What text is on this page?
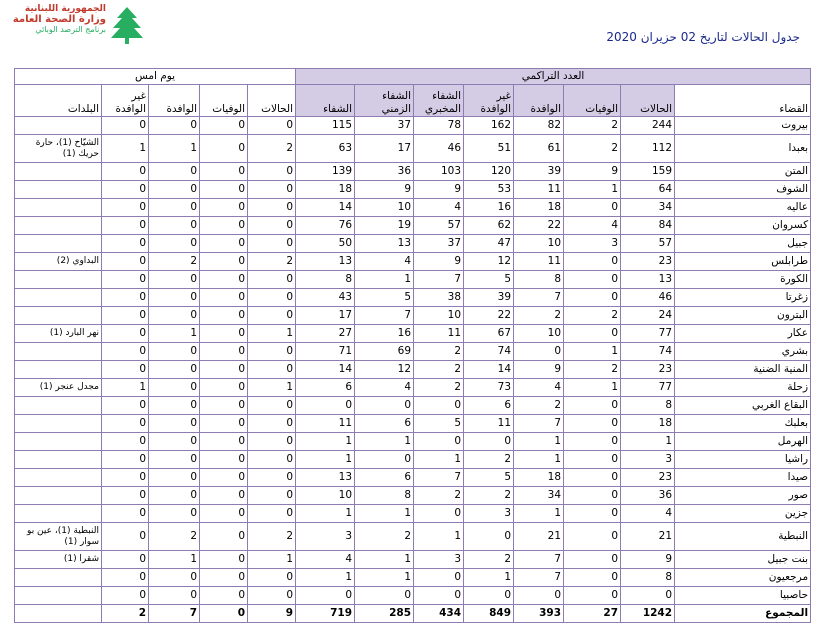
الجمهورية اللبنانية
وزارة الصحة العامة
برنامج الترصد الوبائي
جدول الحالات لتاريخ 02 حزيران 2020
يوم امس					العدد التراكمي							
البلدات	غير الوافدة	الوافدة	الوفيات	الحالات	الشفاء	الشفاء الزمني	الشفاء المخبري	غير الوافدة	الوافدة	الوفيات	الحالات	القضاء
	0	0	0	0	115	37	78	162	82	2	244	بيروت
الشيّاح (1)، حارة حريك (1)	1	1	0	2	63	17	46	51	61	2	112	بعبدا
	0	0	0	0	139	36	103	120	39	9	159	المتن
	0	0	0	0	18	9	9	53	11	1	64	الشوف
	0	0	0	0	14	10	4	16	18	0	34	عاليه
	0	0	0	0	76	19	57	62	22	4	84	كسروان
	0	0	0	0	50	13	37	47	10	3	57	جبيل
البداوي (2)	0	2	0	2	13	4	9	12	11	0	23	طرابلس
	0	0	0	0	8	1	7	5	8	0	13	الكورة
	0	0	0	0	43	5	38	39	7	0	46	زغرتا
	0	0	0	0	17	7	10	22	2	2	24	البترون
نهر البارد (1)	0	1	0	1	27	16	11	67	10	0	77	عكار
	0	0	0	0	71	69	2	74	0	1	74	بشري
	0	0	0	0	14	12	2	14	9	2	23	المنية الضنية
مجدل عنجر (1)	1	0	0	1	6	4	2	73	4	1	77	زحلة
	0	0	0	0	0	0	0	6	2	0	8	البقاع الغربي
	0	0	0	0	11	6	5	11	7	0	18	بعلبك
	0	0	0	0	1	1	0	0	1	0	1	الهرمل
	0	0	0	0	1	0	1	2	1	0	3	راشيا
	0	0	0	0	13	6	7	5	18	0	23	صيدا
	0	0	0	0	10	8	2	2	34	0	36	صور
	0	0	0	0	1	1	0	3	1	0	4	جزين
النبطية (1)، عين بو سوار (1)	0	2	0	2	3	2	1	0	21	0	21	النبطية
شقرا (1)	0	1	0	1	4	1	3	2	7	0	9	بنت جبيل
	0	0	0	0	1	1	0	1	7	0	8	مرجعيون
	0	0	0	0	0	0	0	0	0	0	0	حاصبيا
	2	7	0	9	719	285	434	849	393	27	1242	المجموع
